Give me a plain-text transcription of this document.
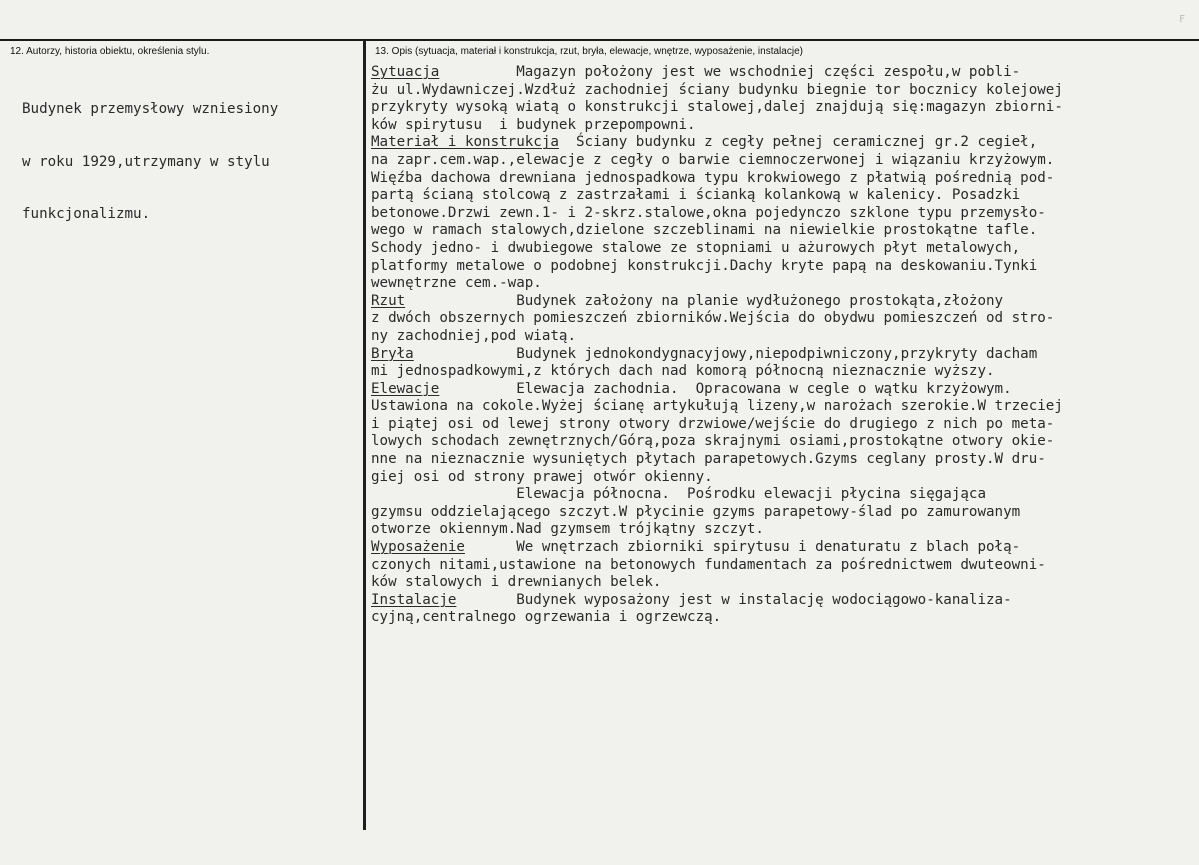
F
12. Autorzy, historia obiektu, określenia stylu.	13. Opis (sytuacja, materiał i konstrukcja, rzut, bryła, elewacje, wnętrze, wyposażenie, instalacje)

Budynek przemysłowy wzniesiony

w roku 1929,utrzymany w stylu

funkcjonalizmu.

Sytuacja         Magazyn położony jest we wschodniej części zespołu,w pobli-
żu ul.Wydawniczej.Wzdłuż zachodniej ściany budynku biegnie tor bocznicy kolejowej
przykryty wysoką wiatą o konstrukcji stalowej,dalej znajdują się:magazyn zbiorni-
ków spirytusu  i budynek przepompowni.
Materiał i konstrukcja  Ściany budynku z cegły pełnej ceramicznej gr.2 cegieł,
na zapr.cem.wap.,elewacje z cegły o barwie ciemnoczerwonej i wiązaniu krzyżowym.
Więźba dachowa drewniana jednospadkowa typu krokwiowego z płatwią pośrednią pod-
partą ścianą stolcową z zastrzałami i ścianką kolankową w kalenicy. Posadzki
betonowe.Drzwi zewn.1- i 2-skrz.stalowe,okna pojedynczo szklone typu przemysło-
wego w ramach stalowych,dzielone szczeblinami na niewielkie prostokątne tafle.
Schody jedno- i dwubiegowe stalowe ze stopniami u ażurowych płyt metalowych,
platformy metalowe o podobnej konstrukcji.Dachy kryte papą na deskowaniu.Tynki
wewnętrzne cem.-wap.
Rzut             Budynek założony na planie wydłużonego prostokąta,złożony
z dwóch obszernych pomieszczeń zbiorników.Wejścia do obydwu pomieszczeń od stro-
ny zachodniej,pod wiatą.
Bryła            Budynek jednokondygnacyjowy,niepodpiwniczony,przykryty dacham
mi jednospadkowymi,z których dach nad komorą północną nieznacznie wyższy.
Elewacje         Elewacja zachodnia.  Opracowana w cegle o wątku krzyżowym.
Ustawiona na cokole.Wyżej ścianę artykułują lizeny,w narożach szerokie.W trzeciej
i piątej osi od lewej strony otwory drzwiowe/wejście do drugiego z nich po meta-
lowych schodach zewnętrznych/Górą,poza skrajnymi osiami,prostokątne otwory okie-
nne na nieznacznie wysuniętych płytach parapetowych.Gzyms ceglany prosty.W dru-
giej osi od strony prawej otwór okienny.
Elewacja północna.  Pośrodku elewacji płycina sięgająca
gzymsu oddzielającego szczyt.W płycinie gzyms parapetowy-ślad po zamurowanym
otworze okiennym.Nad gzymsem trójkątny szczyt.
Wyposażenie      We wnętrzach zbiorniki spirytusu i denaturatu z blach połą-
czonych nitami,ustawione na betonowych fundamentach za pośrednictwem dwuteowni-
ków stalowych i drewnianych belek.
Instalacje       Budynek wyposażony jest w instalację wodociągowo-kanaliza-
cyjną,centralnego ogrzewania i ogrzewczą.
